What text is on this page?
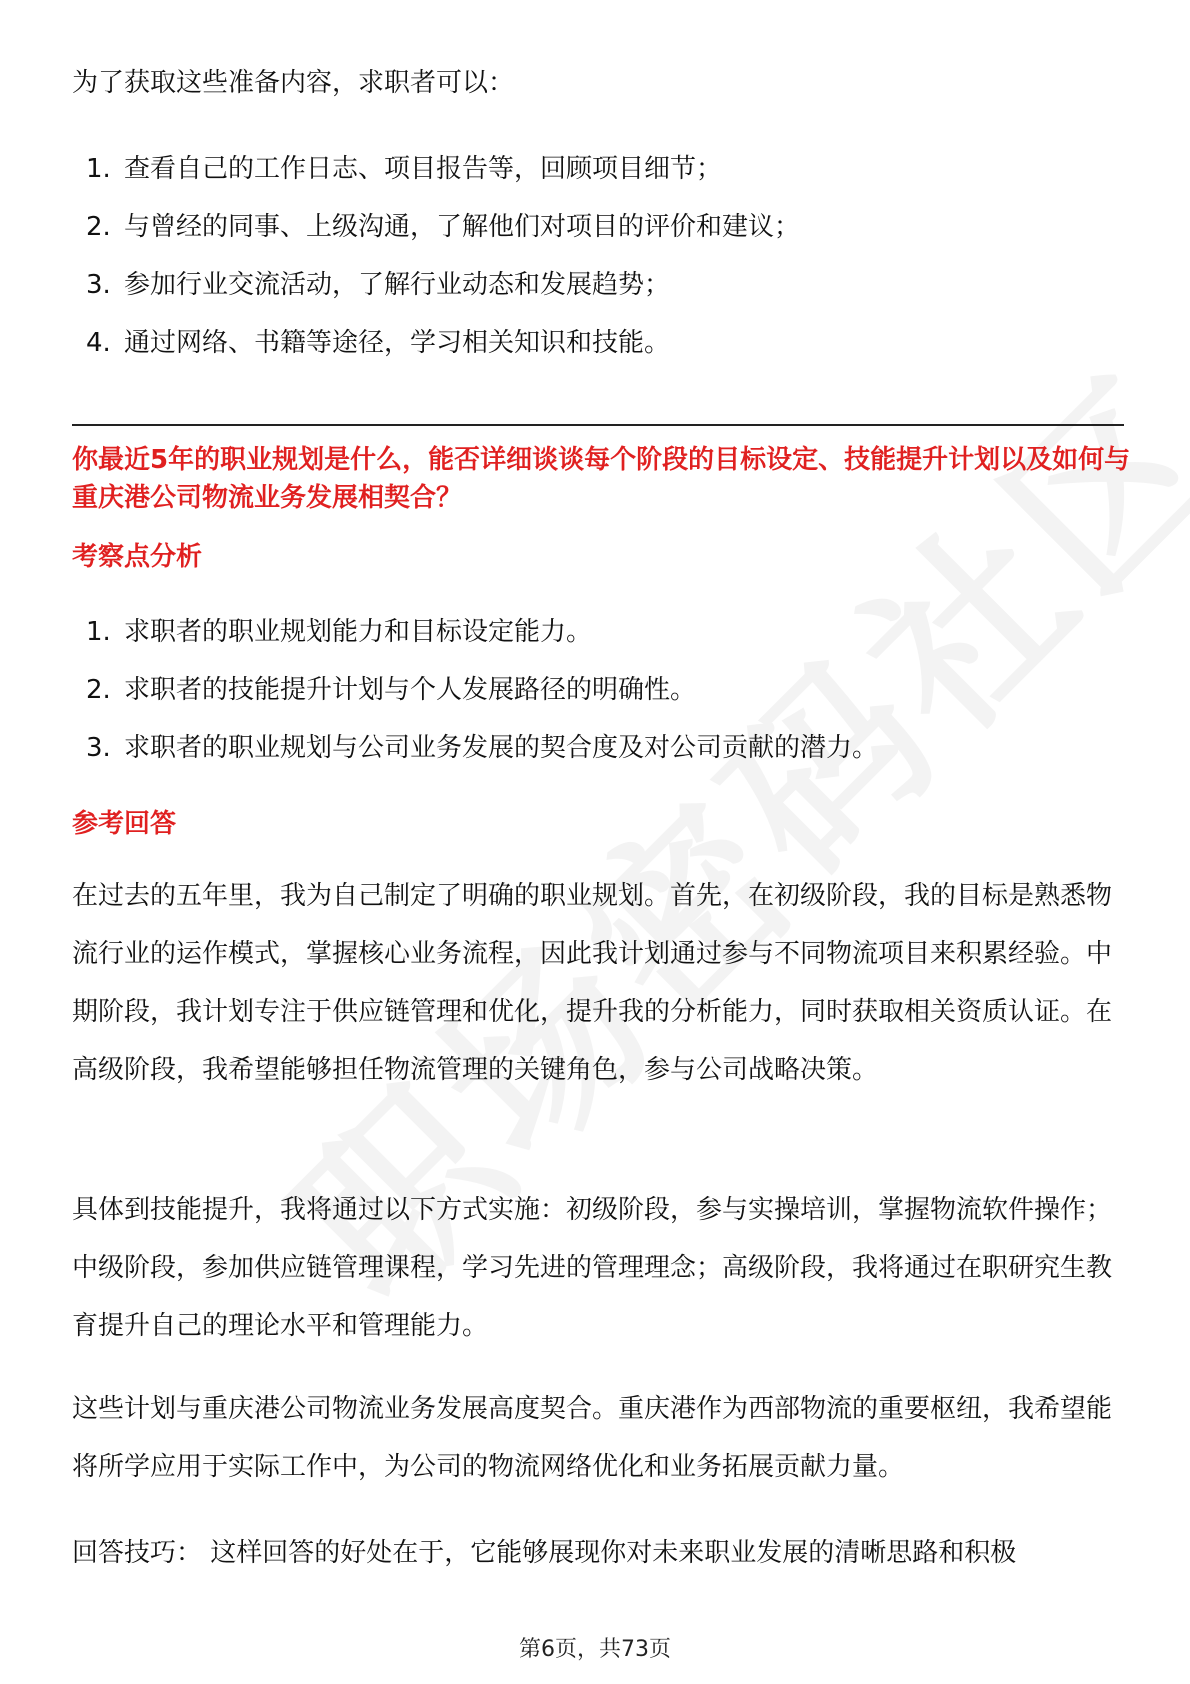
为了获取这些准备内容，求职者可以：
1. 查看自己的工作日志、项目报告等，回顾项目细节；
2. 与曾经的同事、上级沟通，了解他们对项目的评价和建议；
3. 参加行业交流活动，了解行业动态和发展趋势；
4. 通过网络、书籍等途径，学习相关知识和技能。
你最近5年的职业规划是什么，能否详细谈谈每个阶段的目标设定、技能提升计划以及如何与重庆港公司物流业务发展相契合？
考察点分析
1. 求职者的职业规划能力和目标设定能力。
2. 求职者的技能提升计划与个人发展路径的明确性。
3. 求职者的职业规划与公司业务发展的契合度及对公司贡献的潜力。
参考回答
在过去的五年里，我为自己制定了明确的职业规划。首先，在初级阶段，我的目标是熟悉物流行业的运作模式，掌握核心业务流程，因此我计划通过参与不同物流项目来积累经验。中期阶段，我计划专注于供应链管理和优化，提升我的分析能力，同时获取相关资质认证。在高级阶段，我希望能够担任物流管理的关键角色，参与公司战略决策。
具体到技能提升，我将通过以下方式实施：初级阶段，参与实操培训，掌握物流软件操作；中级阶段，参加供应链管理课程，学习先进的管理理念；高级阶段，我将通过在职研究生教育提升自己的理论水平和管理能力。
这些计划与重庆港公司物流业务发展高度契合。重庆港作为西部物流的重要枢纽，我希望能将所学应用于实际工作中，为公司的物流网络优化和业务拓展贡献力量。
回答技巧： 这样回答的好处在于，它能够展现你对未来职业发展的清晰思路和积极
第6页，共73页
